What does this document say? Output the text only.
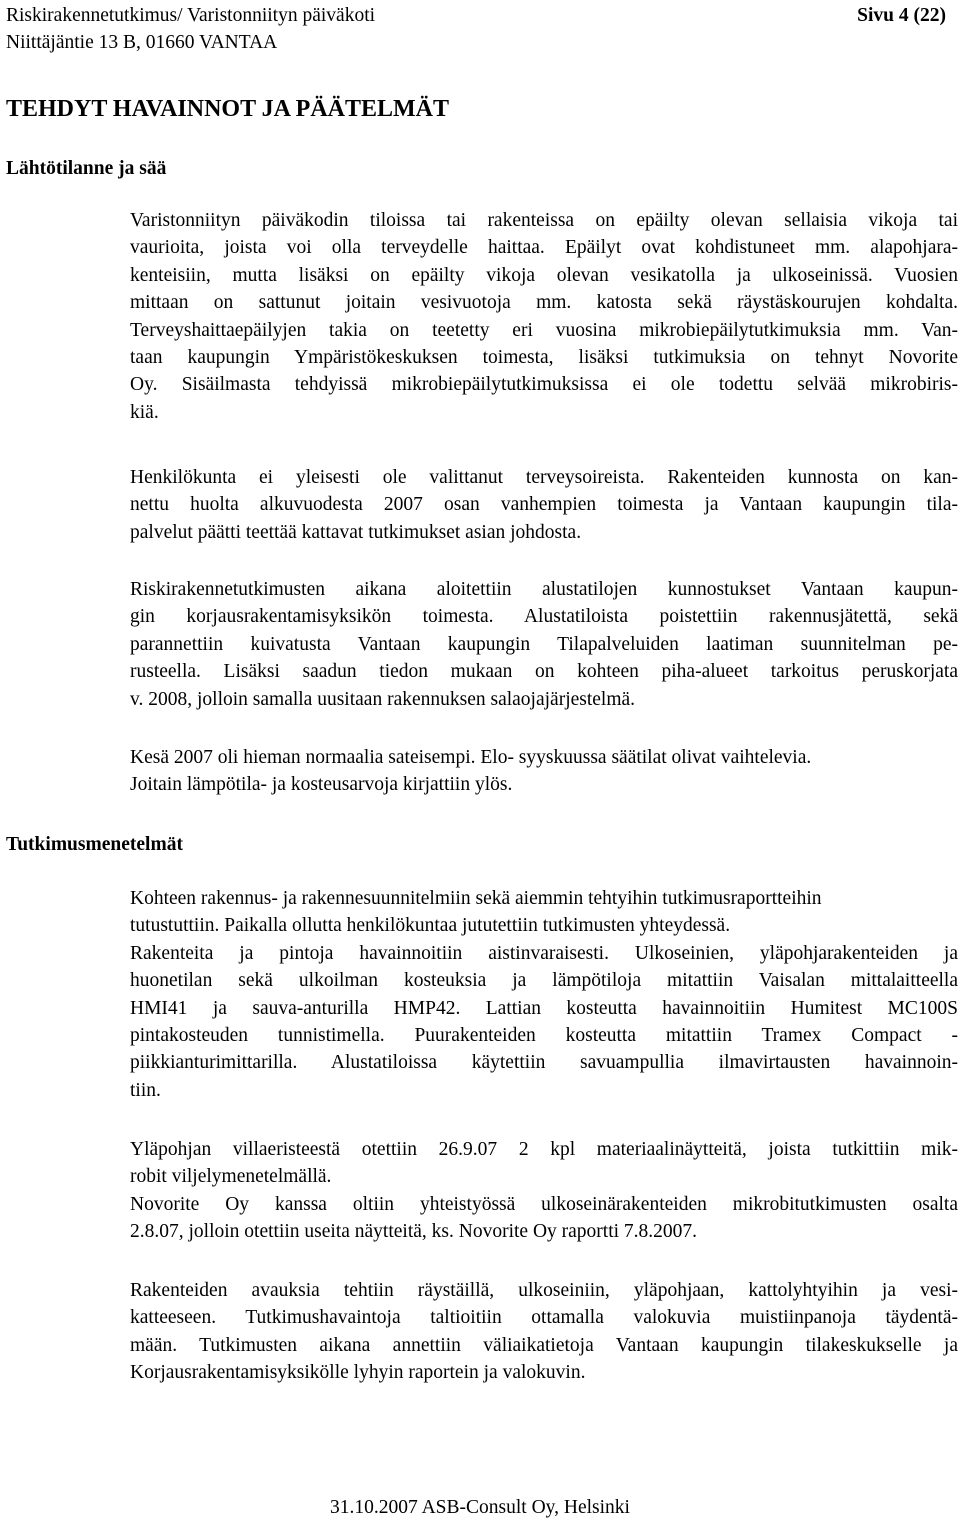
Riskirakennetutkimus/ Varistonniityn päiväkoti
Niittäjäntie 13 B, 01660 VANTAA
Sivu 4 (22)
TEHDYT HAVAINNOT JA PÄÄTELMÄT
Lähtötilanne ja sää
Tutkimusmenetelmät
Varistonniityn päiväkodin tiloissa tai rakenteissa on epäilty olevan sellaisia vikoja tai
vaurioita, joista voi olla terveydelle haittaa. Epäilyt ovat kohdistuneet mm. alapohjara-
kenteisiin, mutta lisäksi on epäilty vikoja olevan vesikatolla ja ulkoseinissä. Vuosien
mittaan on sattunut joitain vesivuotoja mm. katosta sekä räystäskourujen kohdalta.
Terveyshaittaepäilyjen takia on teetetty eri vuosina mikrobiepäilytutkimuksia mm. Van-
taan kaupungin Ympäristökeskuksen toimesta, lisäksi tutkimuksia on tehnyt Novorite
Oy. Sisäilmasta tehdyissä mikrobiepäilytutkimuksissa ei ole todettu selvää mikrobiris-
kiä.
Henkilökunta ei yleisesti ole valittanut terveysoireista. Rakenteiden kunnosta on kan-
nettu huolta alkuvuodesta 2007 osan vanhempien toimesta ja Vantaan kaupungin tila-
palvelut päätti teettää kattavat tutkimukset asian johdosta.
Riskirakennetutkimusten aikana aloitettiin alustatilojen kunnostukset Vantaan kaupun-
gin korjausrakentamisyksikön toimesta. Alustatiloista poistettiin rakennusjätettä, sekä
parannettiin kuivatusta Vantaan kaupungin Tilapalveluiden laatiman suunnitelman pe-
rusteella. Lisäksi saadun tiedon mukaan on kohteen piha-alueet tarkoitus peruskorjata
v. 2008, jolloin samalla uusitaan rakennuksen salaojajärjestelmä.
Kesä 2007 oli hieman normaalia sateisempi. Elo- syyskuussa säätilat olivat vaihtelevia.
Joitain lämpötila- ja kosteusarvoja kirjattiin ylös.
Kohteen rakennus- ja rakennesuunnitelmiin sekä aiemmin tehtyihin tutkimusraportteihin
tutustuttiin. Paikalla ollutta henkilökuntaa jututettiin tutkimusten yhteydessä.
Rakenteita ja pintoja havainnoitiin aistinvaraisesti. Ulkoseinien, yläpohjarakenteiden ja
huonetilan sekä ulkoilman kosteuksia ja lämpötiloja mitattiin Vaisalan mittalaitteella
HMI41 ja sauva-anturilla HMP42. Lattian kosteutta havainnoitiin Humitest MC100S
pintakosteuden tunnistimella. Puurakenteiden kosteutta mitattiin Tramex Compact -
piikkianturimittarilla. Alustatiloissa käytettiin savuampullia ilmavirtausten havainnoin-
tiin.
Yläpohjan villaeristeestä otettiin 26.9.07 2 kpl materiaalinäytteitä, joista tutkittiin mik-
robit viljelymenetelmällä.
Novorite Oy kanssa oltiin yhteistyössä ulkoseinärakenteiden mikrobitutkimusten osalta
2.8.07, jolloin otettiin useita näytteitä, ks. Novorite Oy raportti 7.8.2007.
Rakenteiden avauksia tehtiin räystäillä, ulkoseiniin, yläpohjaan, kattolyhtyihin ja vesi-
katteeseen. Tutkimushavaintoja taltioitiin ottamalla valokuvia muistiinpanoja täydentä-
mään. Tutkimusten aikana annettiin väliaikatietoja Vantaan kaupungin tilakeskukselle ja
Korjausrakentamisyksikölle lyhyin raportein ja valokuvin.
31.10.2007 ASB-Consult Oy, Helsinki
